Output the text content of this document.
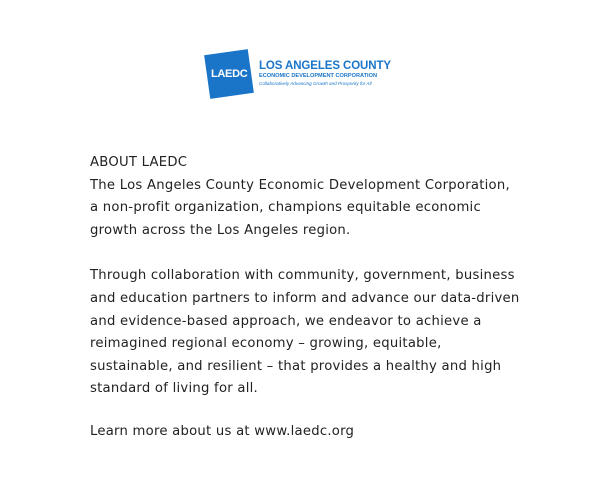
LAEDC
LOS ANGELES COUNTY
ECONOMIC DEVELOPMENT CORPORATION
Collaboratively Advancing Growth and Prosperity for All

ABOUT LAEDC

The Los Angeles County Economic Development Corporation, a non-profit organization, champions equitable economic growth across the Los Angeles region.

Through collaboration with community, government, business and education partners to inform and advance our data-driven and evidence-based approach, we endeavor to achieve a reimagined regional economy – growing, equitable, sustainable, and resilient – that provides a healthy and high standard of living for all.

Learn more about us at www.laedc.org
